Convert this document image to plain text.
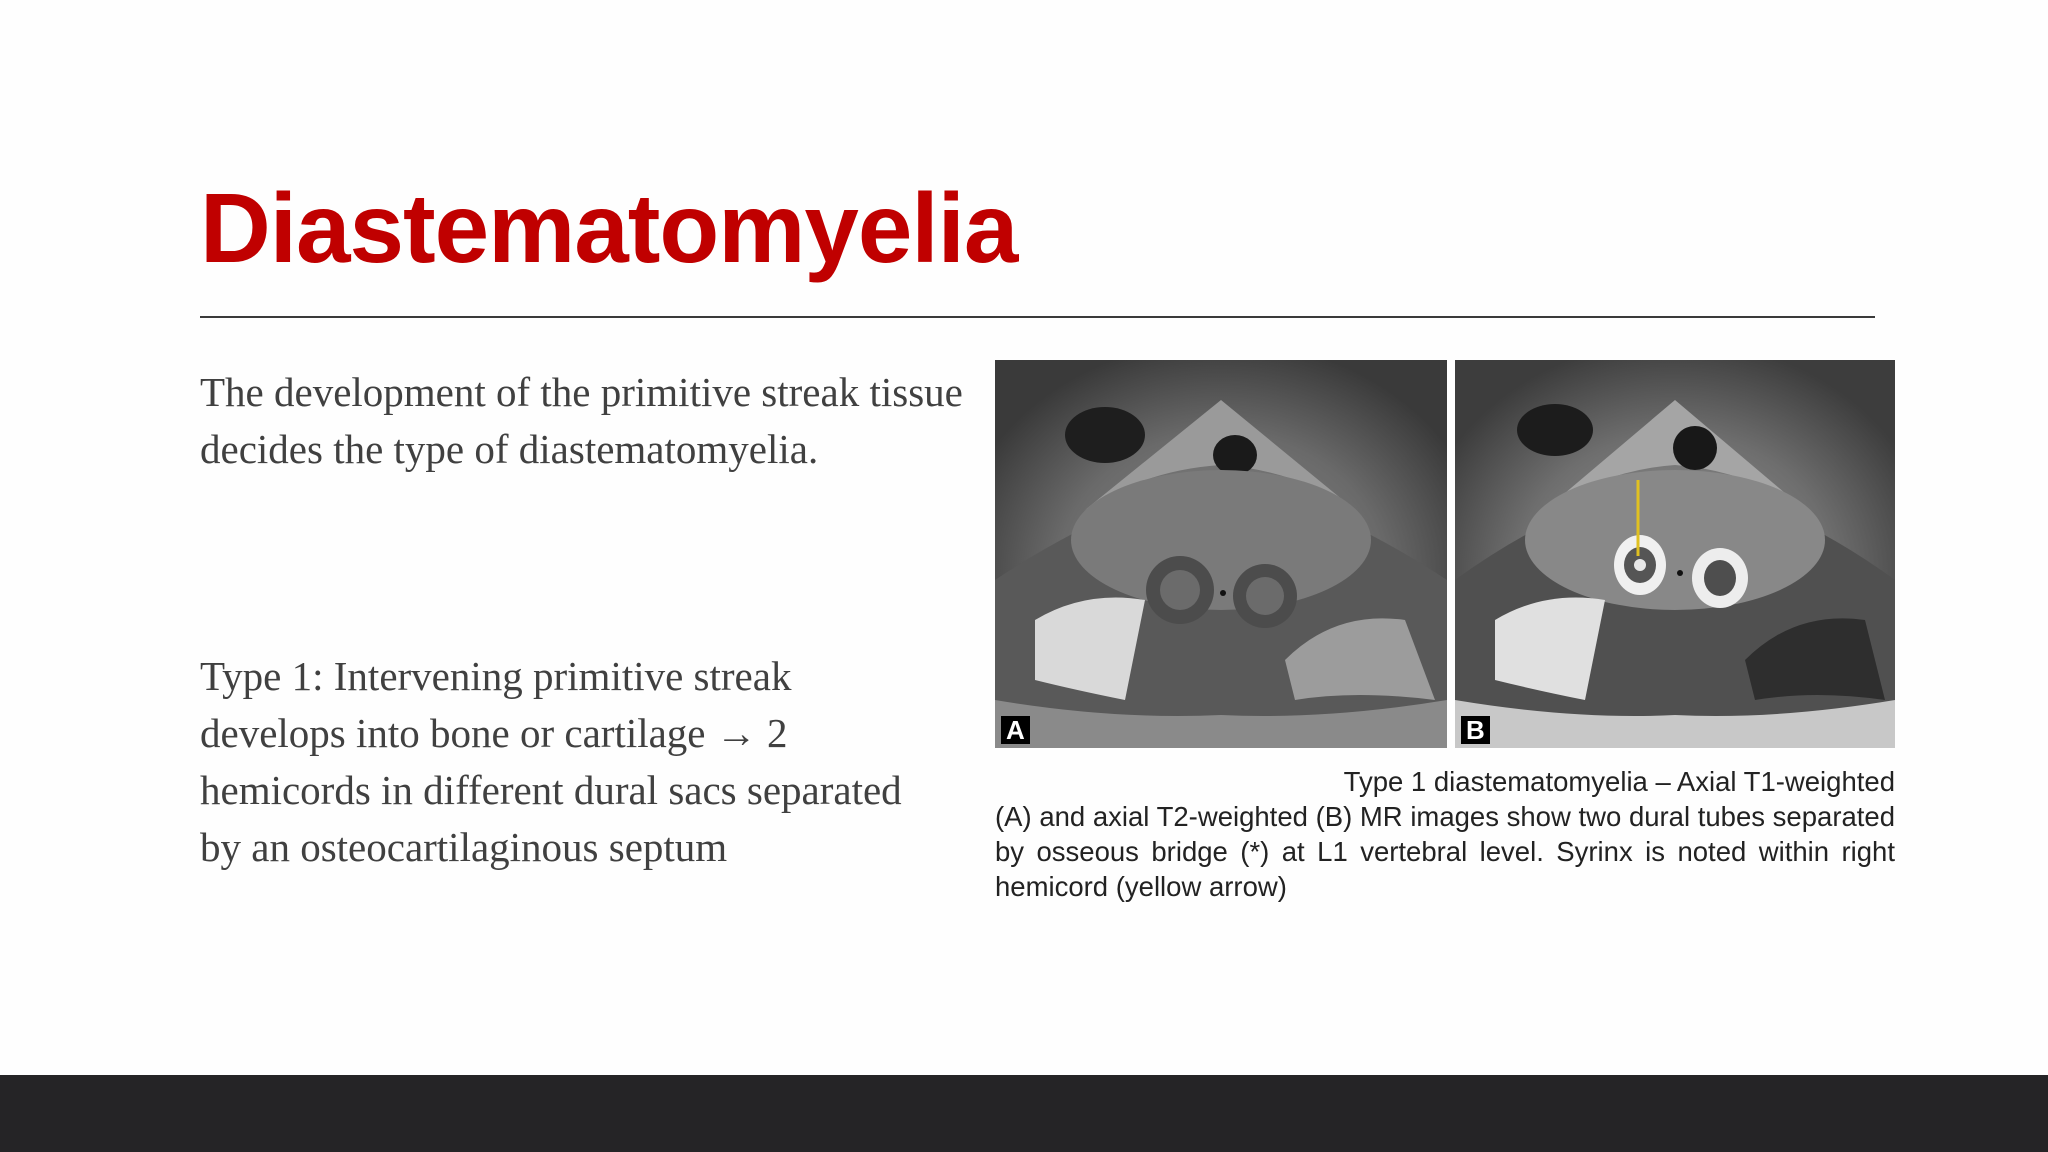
Diastematomyelia

The development of the primitive streak tissue decides the type of diastematomyelia.

Type 1: Intervening primitive streak develops into bone or cartilage → 2 hemicords in different dural sacs separated by an osteocartilaginous septum

A	B

Type 1 diastematomyelia – Axial T1-weighted
(A) and axial T2-weighted (B) MR images show two dural tubes separated by osseous bridge (*) at L1 vertebral level. Syrinx is noted within right hemicord (yellow arrow)
